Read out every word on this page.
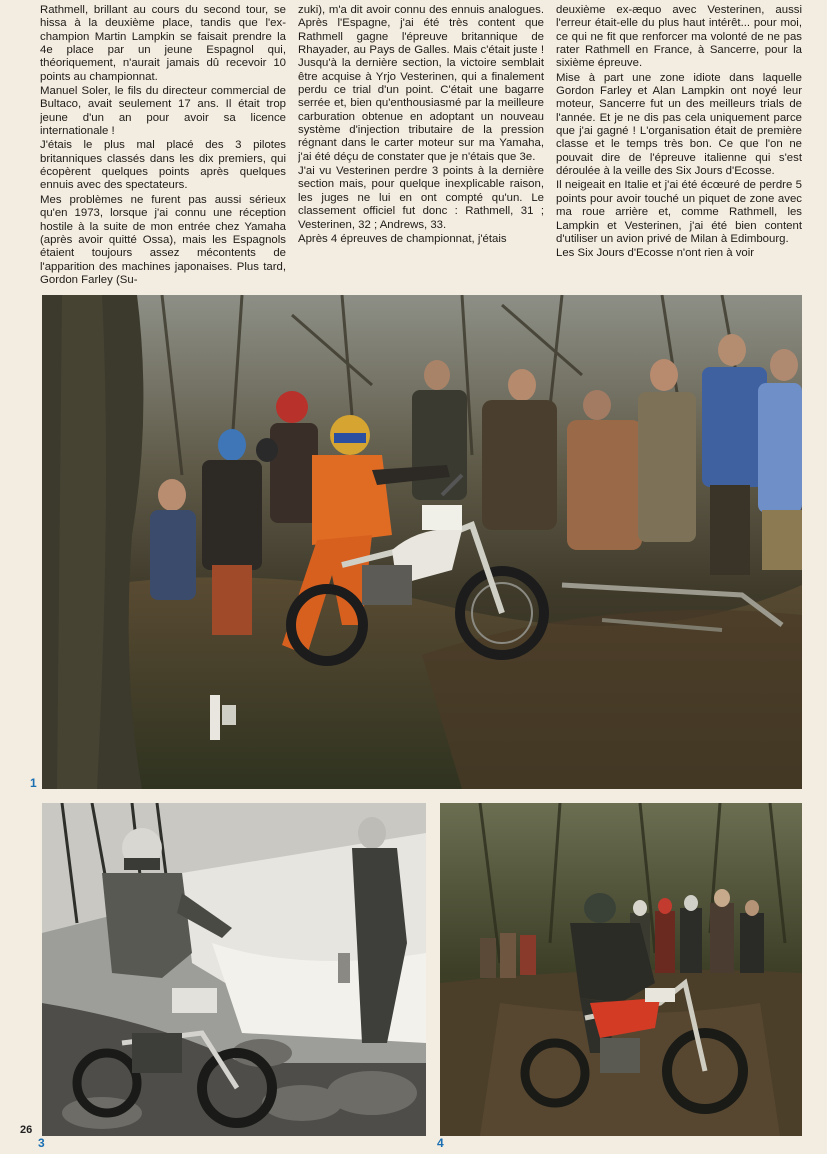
Rathmell, brillant au cours du second tour, se hissa à la deuxième place, tandis que l'ex-champion Martin Lampkin se faisait prendre la 4e place par un jeune Espagnol qui, théoriquement, n'aurait jamais dû recevoir 10 points au championnat.

Manuel Soler, le fils du directeur commercial de Bultaco, avait seulement 17 ans. Il était trop jeune d'un an pour avoir sa licence internationale !

J'étais le plus mal placé des 3 pilotes britanniques classés dans les dix premiers, qui écopèrent quelques points après quelques ennuis avec des spectateurs.

Mes problèmes ne furent pas aussi sérieux qu'en 1973, lorsque j'ai connu une réception hostile à la suite de mon entrée chez Yamaha (après avoir quitté Ossa), mais les Espagnols étaient toujours assez mécontents de l'apparition des machines japonaises. Plus tard, Gordon Farley (Su-

zuki), m'a dit avoir connu des ennuis analogues. Après l'Espagne, j'ai été très content que Rathmell gagne l'épreuve britannique de Rhayader, au Pays de Galles. Mais c'était juste ! Jusqu'à la dernière section, la victoire semblait être acquise à Yrjo Vesterinen, qui a finalement perdu ce trial d'un point. C'était une bagarre serrée et, bien qu'enthousiasmé par la meilleure carburation obtenue en adoptant un nouveau système d'injection tributaire de la pression régnant dans le carter moteur sur ma Yamaha, j'ai été déçu de constater que je n'étais que 3e.

J'ai vu Vesterinen perdre 3 points à la dernière section mais, pour quelque inexplicable raison, les juges ne lui en ont compté qu'un. Le classement officiel fut donc : Rathmell, 31 ; Vesterinen, 32 ; Andrews, 33.

Après 4 épreuves de championnat, j'étais

deuxième ex-æquo avec Vesterinen, aussi l'erreur était-elle du plus haut intérêt... pour moi, ce qui ne fit que renforcer ma volonté de ne pas rater Rathmell en France, à Sancerre, pour la sixième épreuve.

Mise à part une zone idiote dans laquelle Gordon Farley et Alan Lampkin ont noyé leur moteur, Sancerre fut un des meilleurs trials de l'année. Et je ne dis pas cela uniquement parce que j'ai gagné ! L'organisation était de première classe et le temps très bon. Ce que l'on ne pouvait dire de l'épreuve italienne qui s'est déroulée à la veille des Six Jours d'Ecosse.

Il neigeait en Italie et j'ai été écœuré de perdre 5 points pour avoir touché un piquet de zone avec ma roue arrière et, comme Rathmell, les Lampkin et Vesterinen, j'ai été bien content d'utiliser un avion privé de Milan à Edimbourg.

Les Six Jours d'Ecosse n'ont rien à voir

1
3	4
26
